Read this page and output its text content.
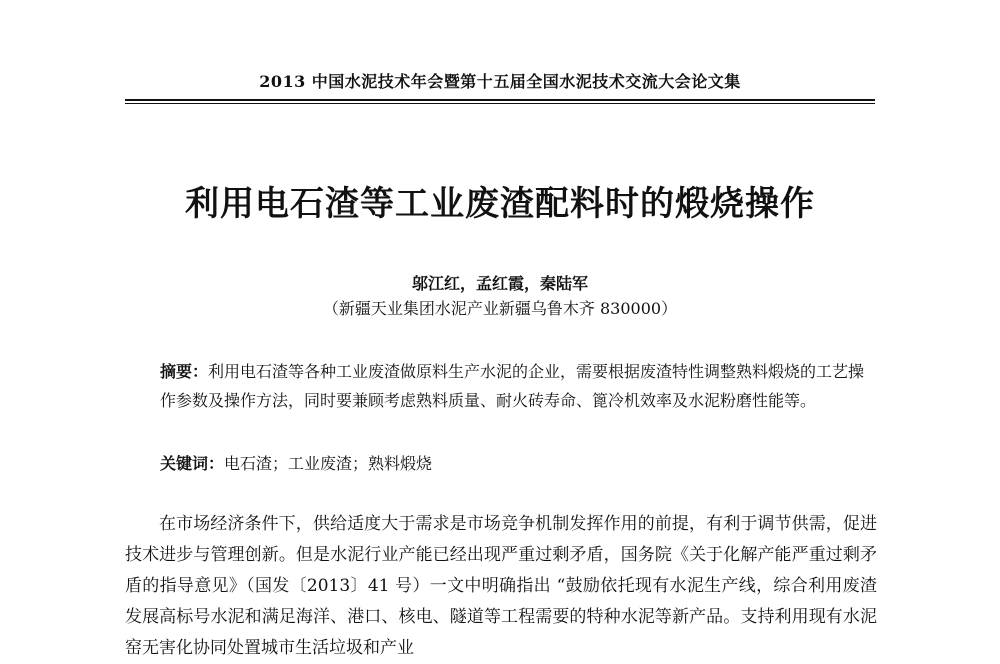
2013 中国水泥技术年会暨第十五届全国水泥技术交流大会论文集
利用电石渣等工业废渣配料时的煅烧操作
邬江红，孟红霞，秦陆军
（新疆天业集团水泥产业新疆乌鲁木齐 830000）
摘要：利用电石渣等各种工业废渣做原料生产水泥的企业，需要根据废渣特性调整熟料煅烧的工艺操作参数及操作方法，同时要兼顾考虑熟料质量、耐火砖寿命、篦冷机效率及水泥粉磨性能等。
关键词：电石渣；工业废渣；熟料煅烧

在市场经济条件下，供给适度大于需求是市场竞争机制发挥作用的前提，有利于调节供需，促进技术进步与管理创新。但是水泥行业产能已经出现严重过剩矛盾，国务院《关于化解产能严重过剩矛盾的指导意见》（国发〔2013〕41 号）一文中明确指出 “鼓励依托现有水泥生产线，综合利用废渣发展高标号水泥和满足海洋、港口、核电、隧道等工程需要的特种水泥等新产品。支持利用现有水泥窑无害化协同处置城市生活垃圾和产业
